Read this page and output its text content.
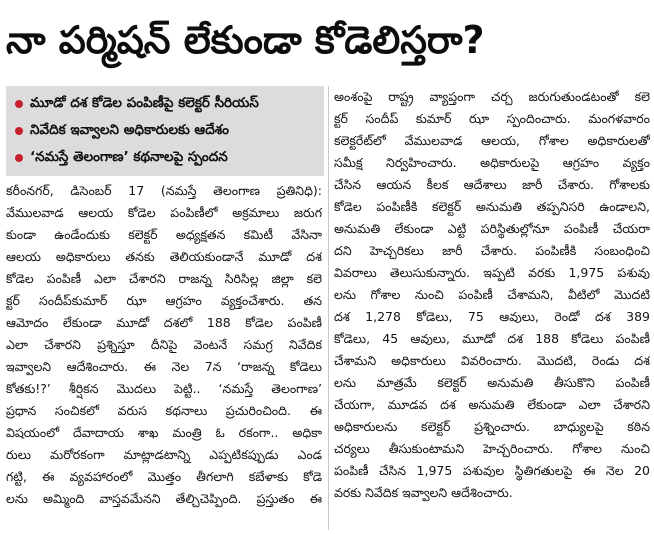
నా పర్మిషన్ లేకుండా కోడెలిస్తరా?
మూడో దశ కోడెల పంపిణీపై కలెక్టర్ సీరియస్
నివేదిక ఇవ్వాలని అధికారులకు ఆదేశం
‘నమస్తే తెలంగాణ’ కథనాలపై స్పందన
కరీంనగర్, డిసెంబర్ 17 (నమస్తే తెలంగాణ ప్రతినిధి):
వేములవాడ ఆలయ కోడెల పంపిణీలో అక్రమాలు జరుగ
కుండా ఉండేందుకు కలెక్టర్ అధ్యక్షతన కమిటీ వేసినా
ఆలయ అధికారులు తనకు తెలియకుండానే మూడో దశ
కోడెల పంపిణీ ఎలా చేశారని రాజన్న సిరిసిల్ల జిల్లా కలె
క్టర్ సందీప్‌కుమార్ ఝా ఆగ్రహం వ్యక్తంచేశారు. తన
ఆమోదం లేకుండా మూడో దశలో 188 కోడెల పంపిణీ
ఎలా చేశారని ప్రశ్నిస్తూ దీనిపై వెంటనే సమగ్ర నివేదిక
ఇవ్వాలని ఆదేశించారు. ఈ నెల 7న ‘రాజన్న కోడెలు
కోతకు!?’ శీర్షికన మొదలు పెట్టి.. ‘నమస్తే తెలంగాణ’
ప్రధాన సంచికలో వరుస కథనాలు ప్రచురించింది. ఈ
విషయంలో దేవాదాయ శాఖ మంత్రి ఓ రకంగా.. అధికా
రులు మరోరకంగా మాట్లాడటాన్ని ఎప్పటికప్పుడు ఎండ
గట్టి, ఈ వ్యవహారంలో మొత్తం తీగలాగి కబేళాకు కోడె
లను అమ్మింది వాస్తవమేనని తేల్చిచెప్పింది. ప్రస్తుతం ఈ
అంశంపై రాష్ట్ర వ్యాప్తంగా చర్చ జరుగుతుండటంతో కలె
క్టర్ సందీప్ కుమార్ ఝా స్పందించారు. మంగళవారం
కలెక్టరేట్‌లో వేములవాడ ఆలయ, గోశాల అధికారులతో
సమీక్ష నిర్వహించారు. అధికారులపై ఆగ్రహం వ్యక్తం
చేసిన ఆయన కీలక ఆదేశాలు జారీ చేశారు. గోశాలకు
కోడెల పంపిణీకి కలెక్టర్ అనుమతి తప్పనిసరి ఉండాలని,
అనుమతి లేకుండా ఎట్టి పరిస్థితుల్లోనూ పంపిణీ చేయరా
దని హెచ్చరికలు జారీ చేశారు. పంపిణీకి సంబంధించి
వివరాలు తెలుసుకున్నారు. ఇప్పటి వరకు 1,975 పశువు
లను గోశాల నుంచి పంపిణీ చేశామని, వీటిలో మొదటి
దశ 1,278 కోడెలు, 75 ఆవులు, రెండో దశ 389
కోడెలు, 45 ఆవులు, మూడో దశ 188 కోడెలు పంపిణీ
చేశామని అధికారులు వివరించారు. మొదటి, రెండు దశ
లను మాత్రమే కలెక్టర్ అనుమతి తీసుకొని పంపిణీ
చేయగా, మూడవ దశ అనుమతి లేకుండా ఎలా చేశారని
అధికారులను కలెక్టర్ ప్రశ్నించారు. బాధ్యులపై కఠిన
చర్యలు తీసుకుంటామని హెచ్చరించారు. గోశాల నుంచి
పంపిణీ చేసిన 1,975 పశువుల స్థితిగతులపై ఈ నెల 20
వరకు నివేదిక ఇవ్వాలని ఆదేశించారు.
